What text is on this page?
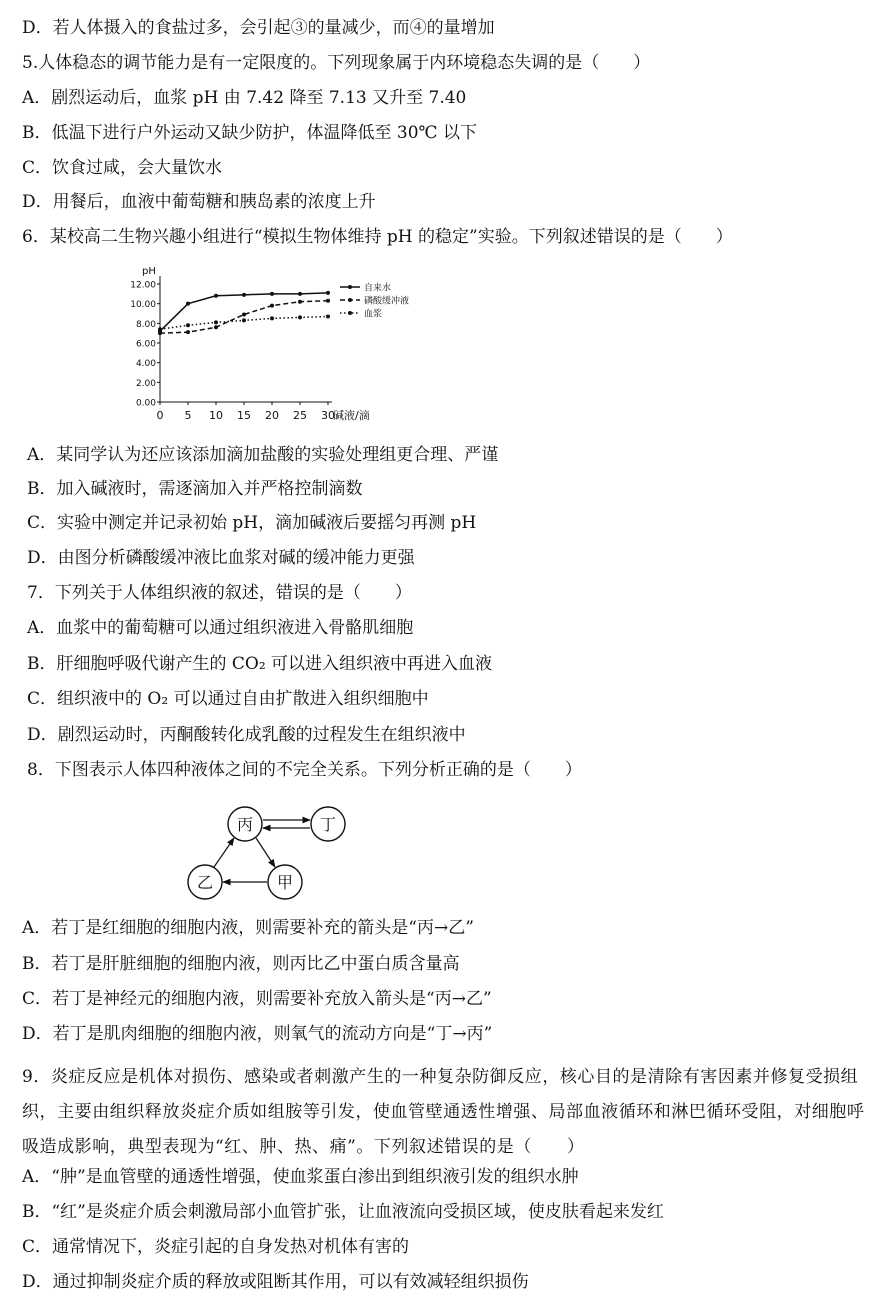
D．若人体摄入的食盐过多，会引起③的量减少，而④的量增加
5.人体稳态的调节能力是有一定限度的。下列现象属于内环境稳态失调的是（　　）
A．剧烈运动后，血浆 pH 由 7.42 降至 7.13 又升至 7.40
B．低温下进行户外运动又缺少防护，体温降低至 30℃ 以下
C．饮食过咸，会大量饮水
D．用餐后，血液中葡萄糖和胰岛素的浓度上升
6．某校高二生物兴趣小组进行“模拟生物体维持 pH 的稳定”实验。下列叙述错误的是（　　）
0.00
2.00
4.00
6.00
8.00
10.00
12.00
0 5 10 15 20 25 30
pH
碱液/滴
自来水
磷酸缓冲液
血浆
A．某同学认为还应该添加滴加盐酸的实验处理组更合理、严谨
B．加入碱液时，需逐滴加入并严格控制滴数
C．实验中测定并记录初始 pH，滴加碱液后要摇匀再测 pH
D．由图分析磷酸缓冲液比血浆对碱的缓冲能力更强
7．下列关于人体组织液的叙述，错误的是（　　）
A．血浆中的葡萄糖可以通过组织液进入骨骼肌细胞
B．肝细胞呼吸代谢产生的 CO₂ 可以进入组织液中再进入血液
C．组织液中的 O₂ 可以通过自由扩散进入组织细胞中
D．剧烈运动时，丙酮酸转化成乳酸的过程发生在组织液中
8．下图表示人体四种液体之间的不完全关系。下列分析正确的是（　　）
丙	丁
乙	甲
A．若丁是红细胞的细胞内液，则需要补充的箭头是“丙→乙”
B．若丁是肝脏细胞的细胞内液，则丙比乙中蛋白质含量高
C．若丁是神经元的细胞内液，则需要补充放入箭头是“丙→乙”
D．若丁是肌肉细胞的细胞内液，则氧气的流动方向是“丁→丙”
9．炎症反应是机体对损伤、感染或者刺激产生的一种复杂防御反应，核心目的是清除有害因素并修复受损组织，主要由组织释放炎症介质如组胺等引发，使血管壁通透性增强、局部血液循环和淋巴循环受阻，对细胞呼吸造成影响，典型表现为“红、肿、热、痛”。下列叙述错误的是（　　）
A．“肿”是血管壁的通透性增强，使血浆蛋白渗出到组织液引发的组织水肿
B．“红”是炎症介质会刺激局部小血管扩张，让血液流向受损区域，使皮肤看起来发红
C．通常情况下，炎症引起的自身发热对机体有害的
D．通过抑制炎症介质的释放或阻断其作用，可以有效减轻组织损伤
